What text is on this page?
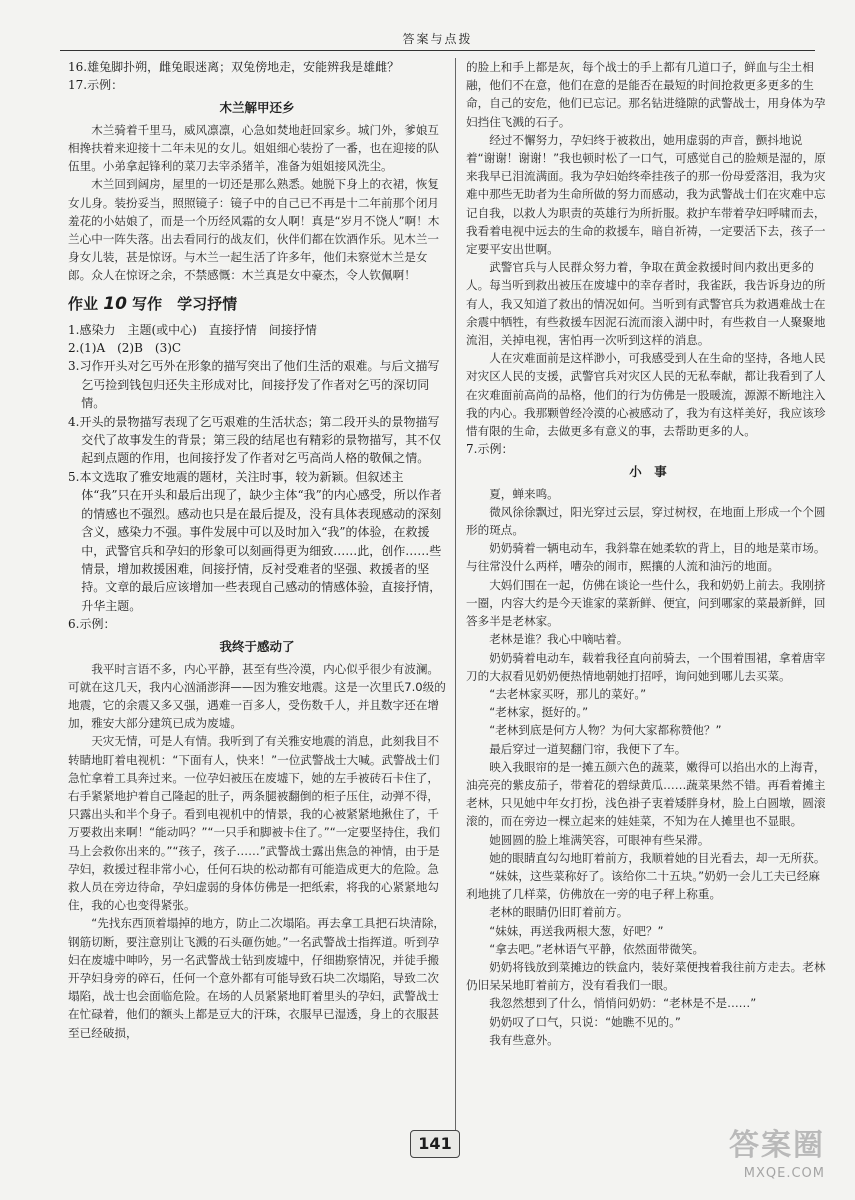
答案与点拨

16.雄兔脚扑朔，雌兔眼迷离；双兔傍地走，安能辨我是雄雌？

17.示例：

木兰解甲还乡

木兰骑着千里马，威风凛凛，心急如焚地赶回家乡。城门外，爹娘互相搀扶着来迎接十二年未见的女儿。姐姐细心装扮了一番，也在迎接的队伍里。小弟拿起锋利的菜刀去宰杀猪羊，准备为姐姐接风洗尘。

木兰回到阔房，屋里的一切还是那么熟悉。她脱下身上的衣裙，恢复女儿身。装扮妥当，照照镜子：镜子中的自己已不再是十二年前那个闭月羞花的小姑娘了，而是一个历经风霜的女人啊！真是“岁月不饶人”啊！木兰心中一阵失落。出去看同行的战友们，伙伴们都在饮酒作乐。见木兰一身女儿装，甚是惊讶。与木兰一起生活了许多年，他们未察觉木兰是女郎。众人在惊讶之余，不禁感慨：木兰真是女中豪杰，令人钦佩啊！

作业 10 写作　学习抒情

1.感染力　主题(或中心)　直接抒情　间接抒情

2.(1)A　(2)B　(3)C

3.习作开头对乞丐外在形象的描写突出了他们生活的艰难。与后文描写乞丐捡到钱包归还失主形成对比，间接抒发了作者对乞丐的深切同情。

4.开头的景物描写表现了乞丐艰难的生活状态；第二段开头的景物描写交代了故事发生的背景；第三段的结尾也有精彩的景物描写，其不仅起到点题的作用，也间接抒发了作者对乞丐高尚人格的敬佩之情。

5.本文选取了雅安地震的题材，关注时事，较为新颖。但叙述主体“我”只在开头和最后出现了，缺少主体“我”的内心感受，所以作者的情感也不强烈。感动也只是在最后提及，没有具体表现感动的深刻含义，感染力不强。事件发展中可以及时加入“我”的体验，在救援中，武警官兵和孕妇的形象可以刻画得更为细致……此，创作……些情景，增加救援困难，间接抒情，反衬受难者的坚强、救援者的坚持。文章的最后应该增加一些表现自己感动的情感体验，直接抒情，升华主题。

6.示例：

我终于感动了

我平时言语不多，内心平静，甚至有些冷漠，内心似乎很少有波澜。可就在这几天，我内心汹涌澎湃——因为雅安地震。这是一次里氏7.0级的地震，它的余震又多又强，遇难一百多人，受伤数千人，并且数字还在增加，雅安大部分建筑已成为废墟。

天灾无情，可是人有情。我听到了有关雅安地震的消息，此刻我目不转睛地盯着电视机：“下面有人，快来！”一位武警战士大喊。武警战士们急忙拿着工具奔过来。一位孕妇被压在废墟下，她的左手被砖石卡住了，右手紧紧地护着自己隆起的肚子，两条腿被翻倒的柜子压住，动弹不得，只露出头和半个身子。看到电视机中的情景，我的心被紧紧地揪住了，千万要救出来啊！“能动吗？”“一只手和脚被卡住了。”“一定要坚持住，我们马上会救你出来的。”“孩子，孩子……”武警战士露出焦急的神情，由于是孕妇，救援过程非常小心，任何石块的松动都有可能造成更大的危险。急救人员在旁边待命，孕妇虚弱的身体仿佛是一把纸索，将我的心紧紧地勾住，我的心也变得紧张。

“先找东西顶着塌掉的地方，防止二次塌陷。再去拿工具把石块清除，钢筋切断，要注意别让飞溅的石头砸伤她。”一名武警战士指挥道。听到孕妇在废墟中呻吟，另一名武警战士钻到废墟中，仔细勘察情况，并徒手搬开孕妇身旁的碎石，任何一个意外都有可能导致石块二次塌陷，导致二次塌陷，战士也会面临危险。在场的人员紧紧地盯着里头的孕妇，武警战士在忙碌着，他们的额头上都是豆大的汗珠，衣服早已湿透，身上的衣服甚至已经破损，

的脸上和手上都是灰，每个战士的手上都有几道口子，鲜血与尘土相融，他们不在意，他们在意的是能否在最短的时间抢救更多更多的生命，自己的安危，他们已忘记。那名钻进缝隙的武警战士，用身体为孕妇挡住飞溅的石子。

经过不懈努力，孕妇终于被救出，她用虚弱的声音，颤抖地说着“谢谢！谢谢！”我也顿时松了一口气，可感觉自己的脸颊是湿的，原来我早已泪流满面。我为孕妇始终牵挂孩子的那一份母爱落泪，我为灾难中那些无助者为生命所做的努力而感动，我为武警战士们在灾难中忘记自我，以救人为职责的英雄行为所折服。救护车带着孕妇呼啸而去，我看着电视中远去的生命的救援车，暗自祈祷，一定要活下去，孩子一定要平安出世啊。

武警官兵与人民群众努力着，争取在黄金救援时间内救出更多的人。每当听到救出被压在废墟中的幸存者时，我雀跃，我告诉身边的所有人，我又知道了救出的情况如何。当听到有武警官兵为救遇难战士在余震中牺牲，有些救援车因泥石流而滚入湖中时，有些救自一人聚聚地流泪，关掉电视，害怕再一次听到这样的消息。

人在灾难面前是这样渺小，可我感受到人在生命的坚持，各地人民对灾区人民的支援，武警官兵对灾区人民的无私奉献，都让我看到了人在灾难面前高尚的品格，他们的行为仿佛是一股暖流，源源不断地注入我的内心。我那颗曾经冷漠的心被感动了，我为有这样美好，我应该珍惜有限的生命，去做更多有意义的事，去帮助更多的人。

7.示例：

小　事

夏，蝉来鸣。

微风徐徐飘过，阳光穿过云层，穿过树杈，在地面上形成一个个圆形的斑点。

奶奶骑着一辆电动车，我斜靠在她柔软的背上，目的地是菜市场。与往常没什么两样，嘈杂的闹市，熙攘的人流和油污的地面。

大妈们围在一起，仿佛在谈论一些什么，我和奶奶上前去。我刚挤一圈，内容大约是今天谁家的菜新鲜、便宜，问到哪家的菜最新鲜，回答多半是老林家。

老林是谁？我心中嘀咕着。

奶奶骑着电动车，载着我径直向前骑去，一个围着围裙，拿着唐宰刀的大叔看见奶奶便热情地朝她打招呼，询问她到哪儿去买菜。

“去老林家买呀，那儿的菜好。”

“老林家，挺好的。”

“老林到底是何方人物？为何大家都称赞他？”

最后穿过一道契翻门帘，我便下了车。

映入我眼帘的是一摊五颜六色的蔬菜，嫩得可以掐出水的上海青，油亮亮的紫皮茄子，带着花的碧绿黄瓜……蔬菜果然不错。再看着摊主老林，只见她中年女打扮，浅色褂子衷着矮胖身材，脸上白圆墩，圆滚滚的，而在旁边一棵立起来的娃娃菜，不知为在人摊里也不显眼。

她圆圆的脸上堆满笑容，可眼神有些呆滞。

她的眼睛直勾勾地盯着前方，我顺着她的目光看去，却一无所获。

“妹妹，这些菜称好了。该给你二十五块。”奶奶一会儿工夫已经麻利地挑了几样菜，仿佛放在一旁的电子秤上称重。

老林的眼睛仍旧盯着前方。

“妹妹，再送我两根大葱，好吧？”

“拿去吧。”老林语气平静，依然面带微笑。

奶奶将钱放到菜摊边的铁盒内，装好菜便拽着我往前方走去。老林仍旧呆呆地盯着前方，没有看我们一眼。

我忽然想到了什么，悄悄问奶奶：“老林是不是……”

奶奶叹了口气，只说：“她瞧不见的。”

我有些意外。

141	答案圈
MXQE.COM
